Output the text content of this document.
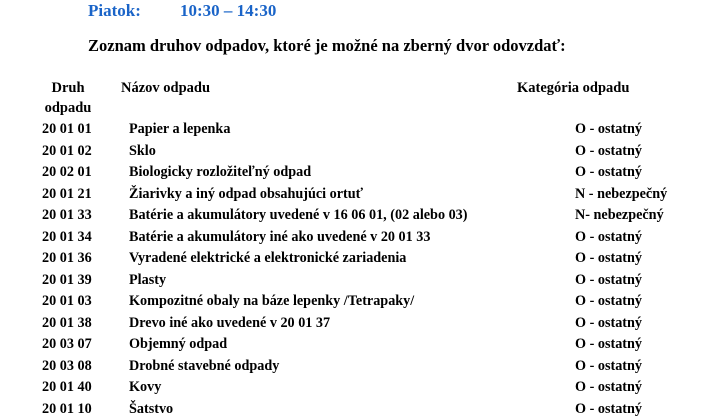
Piatok: 10:30 – 14:30
Zoznam druhov odpadov, ktoré je možné na zberný dvor odovzdať:
Druh
odpadu
Názov odpadu	Kategória odpadu
20 01 01	Papier a lepenka	O - ostatný
20 01 02	Sklo	O - ostatný
20 02 01	Biologicky rozložiteľný odpad	O - ostatný
20 01 21	Žiarivky a iný odpad obsahujúci ortuť	N - nebezpečný
20 01 33	Batérie a akumulátory uvedené v 16 06 01, (02 alebo 03)	N- nebezpečný
20 01 34	Batérie a akumulátory iné ako uvedené v 20 01 33	O - ostatný
20 01 36	Vyradené elektrické a elektronické zariadenia	O - ostatný
20 01 39	Plasty	O - ostatný
20 01 03	Kompozitné obaly na báze lepenky /Tetrapaky/	O - ostatný
20 01 38	Drevo iné ako uvedené v 20 01 37	O - ostatný
20 03 07	Objemný odpad	O - ostatný
20 03 08	Drobné stavebné odpady	O - ostatný
20 01 40	Kovy	O - ostatný
20 01 10	Šatstvo	O - ostatný
